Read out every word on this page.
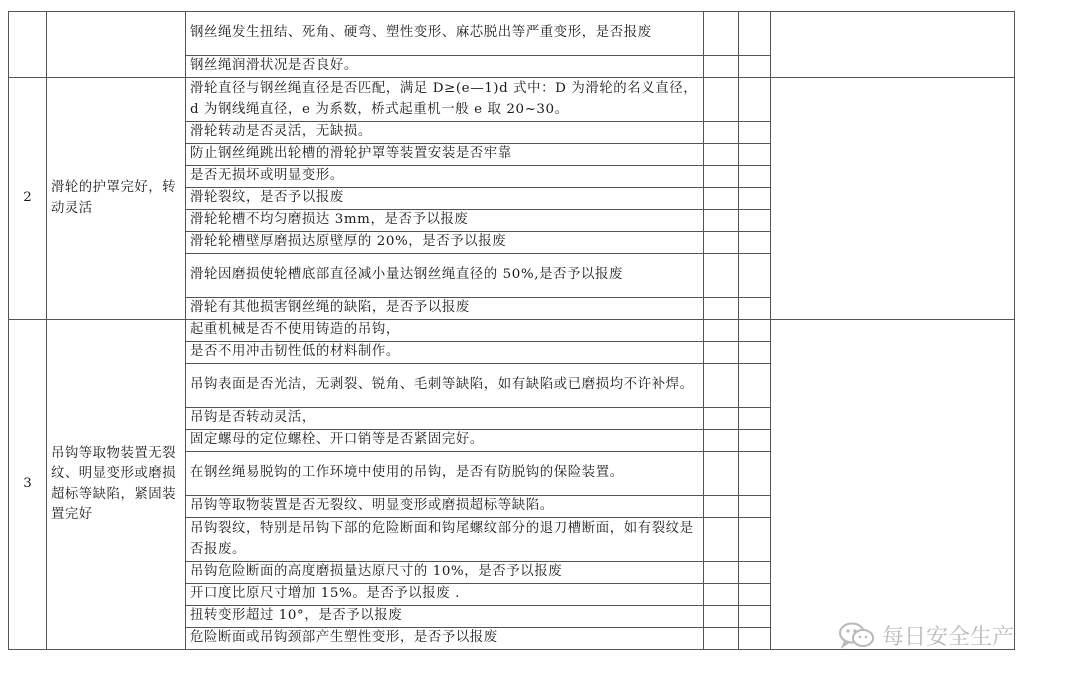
		钢丝绳发生扭结、死角、硬弯、塑性变形、麻芯脱出等严重变形，是否报废			
		钢丝绳润滑状况是否良好。			
2	滑轮的护罩完好，转动灵活	滑轮直径与钢丝绳直径是否匹配，满足 D≥(e—1)d 式中：D 为滑轮的名义直径，d 为钢线绳直径，e 为系数，桥式起重机一般 e 取 20~30。			
		滑轮转动是否灵活，无缺损。			
		防止钢丝绳跳出轮槽的滑轮护罩等装置安装是否牢靠			
		是否无损坏或明显变形。			
		滑轮裂纹，是否予以报废			
		滑轮轮槽不均匀磨损达 3mm，是否予以报废			
		滑轮轮槽壁厚磨损达原壁厚的 20%，是否予以报废			
		滑轮因磨损使轮槽底部直径减小量达钢丝绳直径的 50%,是否予以报废			
		滑轮有其他损害钢丝绳的缺陷，是否予以报废			
3	吊钩等取物装置无裂纹、明显变形或磨损超标等缺陷，紧固装置完好	起重机械是否不使用铸造的吊钩，			
		是否不用冲击韧性低的材料制作。			
		吊钩表面是否光洁，无剥裂、锐角、毛刺等缺陷，如有缺陷或已磨损均不许补焊。			
		吊钩是否转动灵活，			
		固定螺母的定位螺栓、开口销等是否紧固完好。			
		在钢丝绳易脱钩的工作环境中使用的吊钩，是否有防脱钩的保险装置。			
		吊钩等取物装置是否无裂纹、明显变形或磨损超标等缺陷。			
		吊钩裂纹，特别是吊钩下部的危险断面和钩尾螺纹部分的退刀槽断面，如有裂纹是否报废。			
		吊钩危险断面的高度磨损量达原尺寸的 10%，是否予以报废			
		开口度比原尺寸增加 15%。是否予以报废 .			
		扭转变形超过 10°，是否予以报废			
		危险断面或吊钩颈部产生塑性变形，是否予以报废				每日安全生产
